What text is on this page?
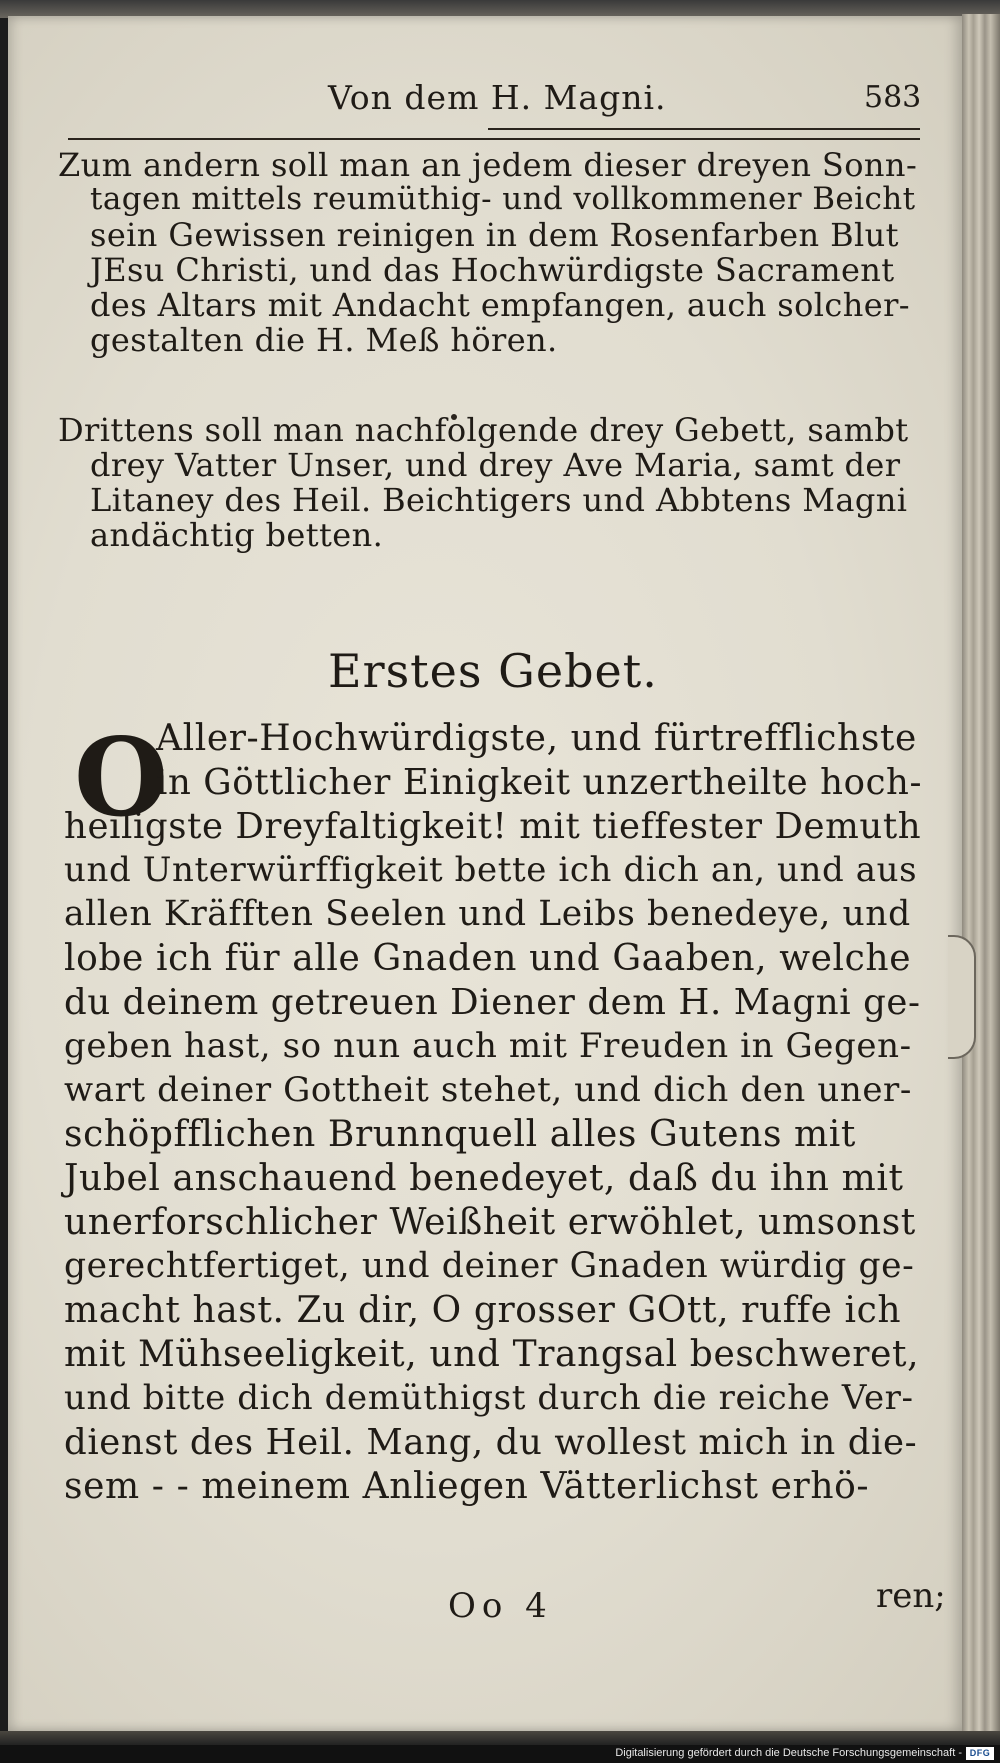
Von dem H. Magni.	583
Zum andern soll man an jedem dieser dreyen Sonn-
tagen mittels reumüthig- und vollkommener Beicht
sein Gewissen reinigen in dem Rosenfarben Blut
JEsu Christi, und das Hochwürdigste Sacrament
des Altars mit Andacht empfangen, auch solcher-
gestalten die H. Meß hören.
Drittens soll man nachfolgende drey Gebett, sambt
drey Vatter Unser, und drey Ave Maria, samt der
Litaney des Heil. Beichtigers und Abbtens Magni
andächtig betten.
Erstes Gebet.
O
Aller-Hochwürdigste, und fürtrefflichste
in Göttlicher Einigkeit unzertheilte hoch-
heiligste Dreyfaltigkeit! mit tieffester Demuth
und Unterwürffigkeit bette ich dich an, und aus
allen Kräfften Seelen und Leibs benedeye, und
lobe ich für alle Gnaden und Gaaben, welche
du deinem getreuen Diener dem H. Magni ge-
geben hast, so nun auch mit Freuden in Gegen-
wart deiner Gottheit stehet, und dich den uner-
schöpfflichen Brunnquell alles Gutens mit
Jubel anschauend benedeyet, daß du ihn mit
unerforschlicher Weißheit erwöhlet, umsonst
gerechtfertiget, und deiner Gnaden würdig ge-
macht hast. Zu dir, O grosser GOtt, ruffe ich
mit Mühseeligkeit, und Trangsal beschweret,
und bitte dich demüthigst durch die reiche Ver-
dienst des Heil. Mang, du wollest mich in die-
sem - - meinem Anliegen Vätterlichst erhö-
Oo 4	ren;
Digitalisierung gefördert durch die Deutsche Forschungsgemeinschaft - DFG
